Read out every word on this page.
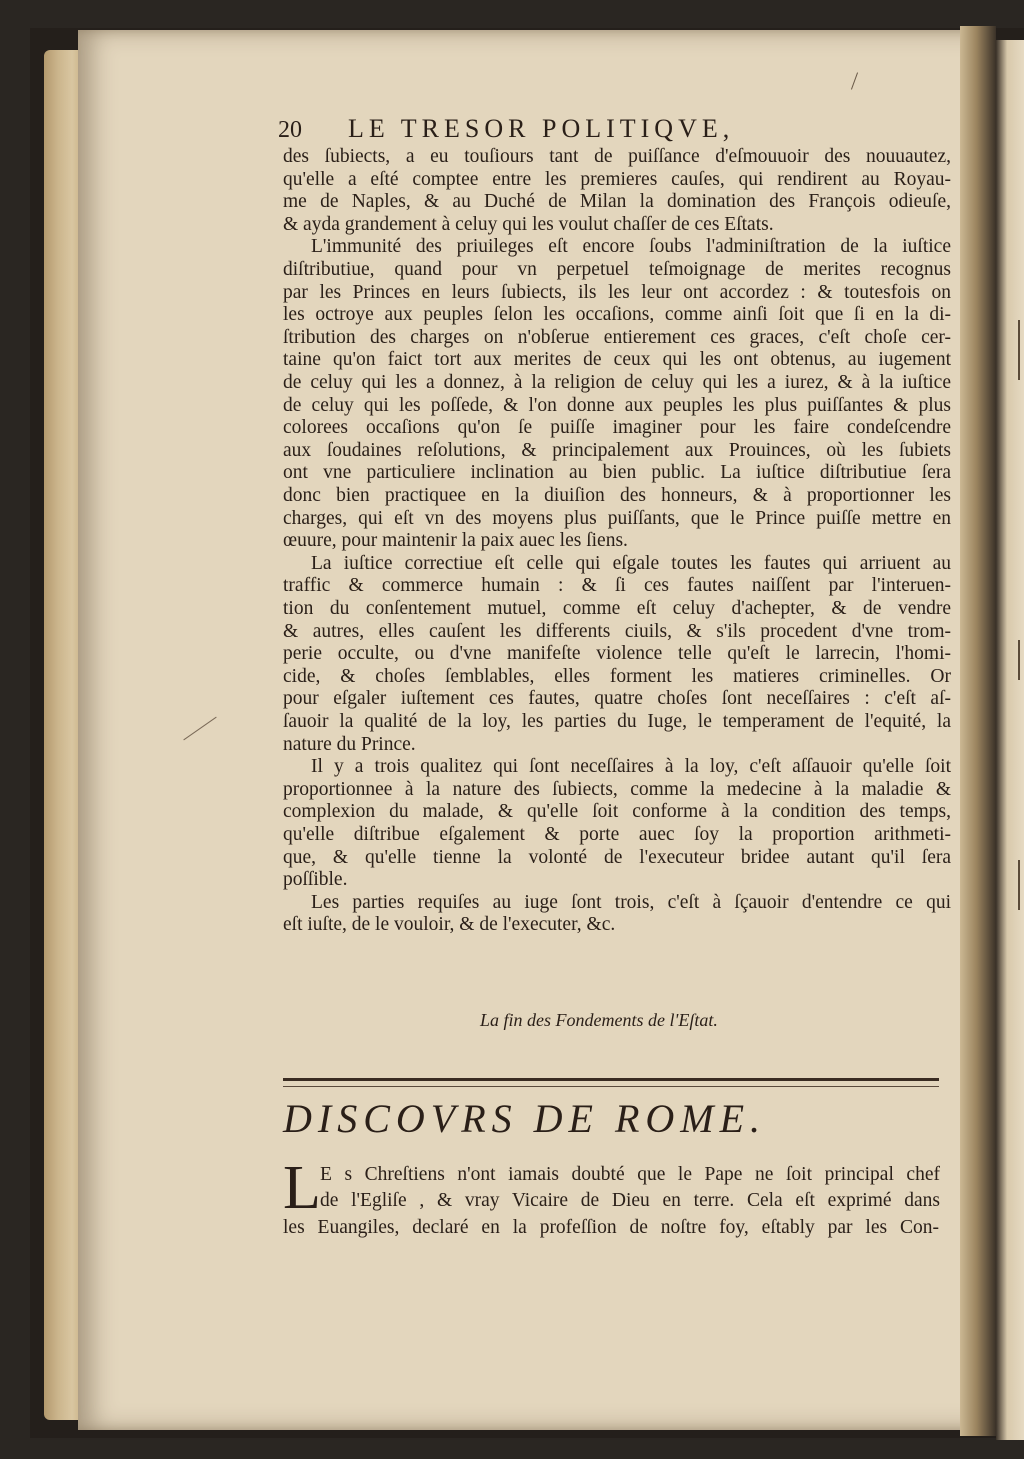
20 LE TRESOR POLITIQVE,
des ſubiects, a eu touſiours tant de puiſſance d'eſmouuoir des nouuautez,
qu'elle a eſté comptee entre les premieres cauſes, qui rendirent au Royau-
me de Naples, & au Duché de Milan la domination des François odieuſe,
& ayda grandement à celuy qui les voulut chaſſer de ces Eſtats.
L'immunité des priuileges eſt encore ſoubs l'adminiſtration de la iuſtice
diſtributiue, quand pour vn perpetuel teſmoignage de merites recognus
par les Princes en leurs ſubiects, ils les leur ont accordez : & toutesfois on
les octroye aux peuples ſelon les occaſions, comme ainſi ſoit que ſi en la di-
ſtribution des charges on n'obſerue entierement ces graces, c'eſt choſe cer-
taine qu'on faict tort aux merites de ceux qui les ont obtenus, au iugement
de celuy qui les a donnez, à la religion de celuy qui les a iurez, & à la iuſtice
de celuy qui les poſſede, & l'on donne aux peuples les plus puiſſantes & plus
colorees occaſions qu'on ſe puiſſe imaginer pour les faire condeſcendre
aux ſoudaines reſolutions, & principalement aux Prouinces, où les ſubiets
ont vne particuliere inclination au bien public. La iuſtice diſtributiue ſera
donc bien practiquee en la diuiſion des honneurs, & à proportionner les
charges, qui eſt vn des moyens plus puiſſants, que le Prince puiſſe mettre en
œuure, pour maintenir la paix auec les ſiens.
La iuſtice correctiue eſt celle qui eſgale toutes les fautes qui arriuent au
traffic & commerce humain : & ſi ces fautes naiſſent par l'interuen-
tion du conſentement mutuel, comme eſt celuy d'achepter, & de vendre
& autres, elles cauſent les differents ciuils, & s'ils procedent d'vne trom-
perie occulte, ou d'vne manifeſte violence telle qu'eſt le larrecin, l'homi-
cide, & choſes ſemblables, elles forment les matieres criminelles. Or
pour eſgaler iuſtement ces fautes, quatre choſes ſont neceſſaires : c'eſt aſ-
ſauoir la qualité de la loy, les parties du Iuge, le temperament de l'equité, la
nature du Prince.
Il y a trois qualitez qui ſont neceſſaires à la loy, c'eſt aſſauoir qu'elle ſoit
proportionnee à la nature des ſubiects, comme la medecine à la maladie &
complexion du malade, & qu'elle ſoit conforme à la condition des temps,
qu'elle diſtribue eſgalement & porte auec ſoy la proportion arithmeti-
que, & qu'elle tienne la volonté de l'executeur bridee autant qu'il ſera
poſſible.
Les parties requiſes au iuge ſont trois, c'eſt à ſçauoir d'entendre ce qui
eſt iuſte, de le vouloir, & de l'executer, &c.
La fin des Fondements de l'Eſtat.
DISCOVRS DE ROME.
L E s Chreſtiens n'ont iamais doubté que le Pape ne ſoit principal chef
de l'Egliſe , & vray Vicaire de Dieu en terre. Cela eſt exprimé dans
les Euangiles, declaré en la profeſſion de noſtre foy, eſtably par les Con-
